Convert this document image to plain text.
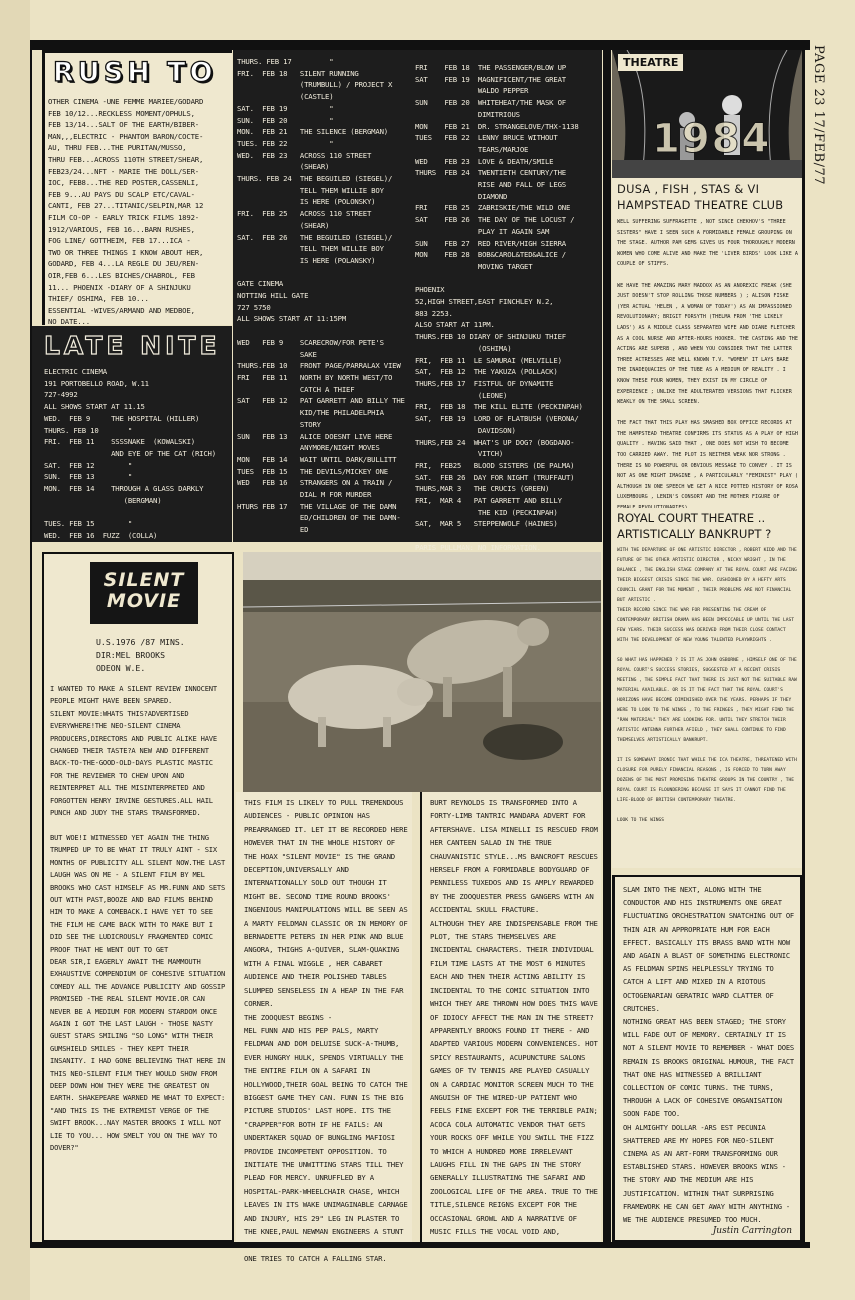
PAGE 23 17/FEB/77
RUSH TO
OTHER CINEMA -UNE FEMME MARIEE/GODARD
FEB 10/12...RECKLESS MOMENT/OPHULS,
FEB 13/14...SALT OF THE EARTH/BIBER-
MAN,,,ELECTRIC - PHANTOM BARON/COCTE-
AU, THRU FEB...THE PURITAN/MUSSO,
THRU FEB...ACROSS 110TH STREET/SHEAR,
FEB23/24...NFT - MARIE THE DOLL/SER-
IOC, FEB8...THE RED POSTER,CASSENLI,
FEB 9...AU PAYS DU SCALP ETC/CAVAL-
CANTI, FEB 27...TITANIC/SELPIN,MAR 12
FILM CO-OP - EARLY TRICK FILMS 1892-
1912/VARIOUS, FEB 16...BARN RUSHES,
FOG LINE/ GOTTHEIM, FEB 17...ICA -
TWO OR THREE THINGS I KNOW ABOUT HER,
GODARD, FEB 4...LA REGLE DU JEU/REN-
OIR,FEB 6...LES BICHES/CHABROL, FEB
11... PHOENIX -DIARY OF A SHINJUKU
THIEF/ OSHIMA, FEB 10...
ESSENTIAL -WIVES/ARMAND AND MEDBOE,
NO DATE...
LATE NITE
ELECTRIC CINEMA
191 PORTOBELLO ROAD, W.11
727-4992
ALL SHOWS START AT 11.15
WED.  FEB 9     THE HOSPITAL (HILLER)
THURS. FEB 10       "
FRI.  FEB 11    SSSSNAKE  (KOWALSKI)
AND EYE OF THE CAT (RICH)
SAT.  FEB 12        "
SUN.  FEB 13        "
MON.  FEB 14    THROUGH A GLASS DARKLY
(BERGMAN)

TUES. FEB 15        "
WED.  FEB 16  FUZZ  (COLLA)
THURS. FEB 17         "
FRI.  FEB 18   SILENT RUNNING
(TRUMBULL) / PROJECT X
(CASTLE)
SAT.  FEB 19          "
SUN.  FEB 20          "
MON.  FEB 21   THE SILENCE (BERGMAN)
TUES. FEB 22          "
WED.  FEB 23   ACROSS 110 STREET
(SHEAR)
THURS. FEB 24  THE BEGUILED (SIEGEL)/
TELL THEM WILLIE BOY
IS HERE (POLONSKY)
FRI.  FEB 25   ACROSS 110 STREET
(SHEAR)
SAT.  FEB 26   THE BEGUILED (SIEGEL)/
TELL THEM WILLIE BOY
IS HERE (POLANSKY)

GATE CINEMA
NOTTING HILL GATE
727 5750
ALL SHOWS START AT 11:15PM

WED   FEB 9    SCARECROW/FOR PETE'S
SAKE
THURS.FEB 10   FRONT PAGE/PARRALAX VIEW
FRI   FEB 11   NORTH BY NORTH WEST/TO
CATCH A THIEF
SAT   FEB 12   PAT GARRETT AND BILLY THE
KID/THE PHILADELPHIA
STORY
SUN   FEB 13   ALICE DOESNT LIVE HERE
ANYMORE/NIGHT MOVES
MON   FEB 14   WAIT UNTIL DARK/BULLITT
TUES  FEB 15   THE DEVILS/MICKEY ONE
WED   FEB 16   STRANGERS ON A TRAIN /
DIAL M FOR MURDER
HTURS FEB 17   THE VILLAGE OF THE DAMN
ED/CHILDREN OF THE DAMN-
ED
FRI    FEB 18  THE PASSENGER/BLOW UP
SAT    FEB 19  MAGNIFICENT/THE GREAT
WALDO PEPPER
SUN    FEB 20  WHITEHEAT/THE MASK OF
DIMITRIOUS
MON    FEB 21  DR. STRANGELOVE/THX-1138
TUES   FEB 22  LENNY BRUCE WITHOUT
TEARS/MARJOE
WED    FEB 23  LOVE & DEATH/SMILE
THURS  FEB 24  TWENTIETH CENTURY/THE
RISE AND FALL OF LEGS
DIAMOND
FRI    FEB 25  ZABRISKIE/THE WILD ONE
SAT    FEB 26  THE DAY OF THE LOCUST /
PLAY IT AGAIN SAM
SUN    FEB 27  RED RIVER/HIGH SIERRA
MON    FEB 28  BOB&CAROL&TED&ALICE /
MOVING TARGET

PHOENIX
52,HIGH STREET,EAST FINCHLEY N.2,
883 2253.
ALSO START AT 11PM.
THURS.FEB 10 DIARY OF SHINJUKU THIEF
(OSHIMA)
FRI,  FEB 11  LE SAMURAI (MELVILLE)
SAT,  FEB 12  THE YAKUZA (POLLACK)
THURS,FEB 17  FISTFUL OF DYNAMITE
(LEONE)
FRI,  FEB 18  THE KILL ELITE (PECKINPAH)
SAT,  FEB 19  LORD OF FLATBUSH (VERONA/
DAVIDSON)
THURS,FEB 24  WHAT'S UP DOG? (BOGDANO-
VITCH)
FRI,  FEB25   BLOOD SISTERS (DE PALMA)
SAT.  FEB 26  DAY FOR NIGHT (TRUFFAUT)
THURS,MAR 3   THE CRUCIS (GREEN)
FRI,  MAR 4   PAT GARRETT AND BILLY
THE KID (PECKINPAH)
SAT,  MAR 5   STEPPENWOLF (HAINES)

PARIS PULLMAN: NO INFORMATION.
THEATRE
1984
DUSA , FISH , STAS & VI
HAMPSTEAD THEATRE CLUB
WELL SUFFERING SUFFRAGETTE , NOT SINCE CHEKHOV'S "THREE SISTERS" HAVE I SEEN SUCH A FORMIDABLE FEMALE GROUPING ON THE STAGE. AUTHOR PAM GEMS GIVES US FOUR THOROUGHLY MODERN WOMEN WHO COME ALIVE AND MAKE THE 'LIVER BIRDS' LOOK LIKE A COUPLE OF STIFFS.

WE HAVE THE AMAZING MARY MADDOX AS AN ANOREXIC FREAK (SHE JUST DOESN'T STOP ROLLING THOSE NUMBERS ) ; ALISON FISKE (YER ACTUAL 'HELEN , A WOMAN OF TODAY') AS AN IMPASSIONED REVOLUTIONARY; BRIGIT FORSYTH (THELMA FROM 'THE LIKELY LADS') AS A MIDDLE CLASS SEPARATED WIFE AND DIANE FLETCHER AS A COOL NURSE AND AFTER-HOURS HOOKER. THE CASTING AND THE ACTING ARE SUPERB , AND WHEN YOU CONSIDER THAT THE LATTER THREE ACTRESSES ARE WELL KNOWN T.V. "WOMEN" IT LAYS BARE THE INADEQUACIES OF THE TUBE AS A MEDIUM OF REALITY . I KNOW THESE FOUR WOMEN, THEY EXIST IN MY CIRCLE OF EXPERIENCE ; UNLIKE THE ADULTERATED VERSIONS THAT FLICKER WEAKLY ON THE SMALL SCREEN.

THE FACT THAT THIS PLAY HAS SMASHED BOX OFFICE RECORDS AT THE HAMPSTEAD THEATRE CONFIRMS ITS STATUS AS A PLAY OF HIGH QUALITY . HAVING SAID THAT , ONE DOES NOT WISH TO BECOME TOO CARRIED AWAY. THE PLOT IS NEITHER WEAK NOR STRONG . THERE IS NO POWERFUL OR OBVIOUS MESSAGE TO CONVEY . IT IS NOT AS ONE MIGHT IMAGINE , A PARTICULARLY "FEMINIST" PLAY ( ALTHOUGH IN ONE SPEECH WE GET A NICE POTTED HISTORY OF ROSA LUXEMBOURG , LENIN'S CONSORT AND THE MOTHER FIGURE OF
ROYAL COURT THEATRE ..
ARTISTICALLY BANKRUPT ?
WITH THE DEPARTURE OF ONE ARTISTIC DIRECTOR , ROBERT KIDD AND THE FUTURE OF THE OTHER ARTISTIC DIRECTOR , NICKY WRIGHT , IN THE BALANCE , THE ENGLISH STAGE COMPANY AT THE ROYAL COURT ARE FACING THEIR BIGGEST CRISIS SINCE THE WAR. CUSHIONED BY A HEFTY ARTS COUNCIL GRANT FOR THE MOMENT , THEIR PROBLEMS ARE NOT FINANCIAL BUT ARTISTIC .
THEIR RECORD SINCE THE WAR FOR PRESENTING THE CREAM OF CONTEMPORARY BRITISH DRAMA HAS BEEN IMPECCABLE UP UNTIL THE LAST FEW YEARS. THEIR SUCCESS WAS DERIVED FROM THEIR CLOSE CONTACT WITH THE DEVELOPMENT OF NEW YOUNG TALENTED PLAYWRIGHTS .

SO WHAT HAS HAPPENED ? IS IT AS JOHN OSBORNE , HIMSELF ONE OF THE ROYAL COURT'S SUCCESS STORIES, SUGGESTED AT A RECENT CRISIS MEETING , THE SIMPLE FACT THAT THERE IS JUST NOT THE SUITABLE RAW MATERIAL AVAILABLE. OR IS IT THE FACT THAT THE ROYAL COURT'S HORIZONS HAVE BECOME DIMINISHED OVER THE YEARS. PERHAPS IF THEY WERE TO LOOK TO THE WINGS , TO THE FRINGES , THEY MIGHT FIND THE "RAW MATERIAL" THEY ARE LOOKING FOR. UNTIL THEY STRETCH THEIR ARTISTIC ANTENNA FURTHER AFIELD , THEY SHALL CONTINUE TO FIND THEMSELVES ARTISTICALLY BANKRUPT.

IT IS SOMEWHAT IRONIC THAT WHILE THE ICA THEATRE, THREATENED WITH CLOSURE FOR PURELY FINANCIAL REASONS , IS FORCED TO TURN AWAY DOZENS OF THE MOST PROMISING THEATRE GROUPS IN THE COUNTRY , THE ROYAL COURT IS FLOUNDERING BECAUSE IT SAYS IT CANNOT FIND THE LIFE-BLOOD OF BRITISH CONTEMPORARY THEATRE.

LOOK TO THE WINGS
SILENT
MOVIE
U.S.1976 /87 MINS.
DIR:MEL BROOKS
ODEON W.E.
I WANTED TO MAKE A SILENT REVIEW INNOCENT PEOPLE MIGHT HAVE BEEN SPARED.
SILENT MOVIE:WHATS THIS?ADVERTISED EVERYWHERE!THE NEO-SILENT CINEMA PRODUCERS,DIRECTORS AND PUBLIC ALIKE HAVE CHANGED THEIR TASTE?A NEW AND DIFFERENT BACK-TO-THE-GOOD-OLD-DAYS PLASTIC MASTIC FOR THE REVIEWER TO CHEW UPON AND REINTERPRET ALL THE MISINTERPRETED AND FORGOTTEN HENRY IRVINE GESTURES.ALL HAIL PUNCH AND JUDY THE STARS TRANSFORMED.

BUT WOE!I WITNESSED YET AGAIN THE THING TRUMPED UP TO BE WHAT IT TRULY AINT - SIX MONTHS OF PUBLICITY ALL SILENT NOW.THE LAST LAUGH WAS ON ME - A SILENT FILM BY MEL BROOKS WHO CAST HIMSELF AS MR.FUNN AND SETS OUT WITH PAST,BOOZE AND BAD FILMS BEHIND HIM TO MAKE A COMEBACK.I HAVE YET TO SEE THE FILM HE CAME BACK WITH TO MAKE BUT I DID SEE THE LUDICROUSLY FRAGMENTED COMIC PROOF THAT HE WENT OUT TO GET
DEAR SIR,I EAGERLY AWAIT THE MAMMOUTH EXHAUSTIVE COMPENDIUM OF COHESIVE SITUATION COMEDY ALL THE ADVANCE PUBLICITY AND GOSSIP PROMISED -THE REAL SILENT MOVIE.OR CAN NEVER BE A MEDIUM FOR MODERN STARDOM ONCE AGAIN I GOT THE LAST LAUGH - THOSE NASTY GUEST STARS SMILING "SO LONG" WITH THEIR GUMSHIELD SMILES - THEY KEPT THEIR INSANITY. I HAD GONE BELIEVING THAT HERE IN THIS NEO-SILENT FILM THEY WOULD SHOW FROM DEEP DOWN HOW THEY WERE THE GREATEST ON EARTH. SHAKEPEARE WARNED ME WHAT TO EXPECT:
"AND THIS IS THE EXTREMIST VERGE OF THE SWIFT BROOK...NAY MASTER BROOKS I WILL NOT LIE TO YOU... HOW SMELT YOU ON THE WAY TO DOVER?"
THIS FILM IS LIKELY TO PULL TREMENDOUS AUDIENCES - PUBLIC OPINION HAS PREARRANGED IT. LET IT BE RECORDED HERE HOWEVER THAT IN THE WHOLE HISTORY OF THE HOAX "SILENT MOVIE" IS THE GRAND DECEPTION,UNIVERSALLY AND INTERNATIONALLY SOLD OUT THOUGH IT MIGHT BE. SECOND TIME ROUND BROOKS' INGENIOUS MANIPULATIONS WILL BE SEEN AS A MARTY FELDMAN CLASSIC OR IN MEMORY OF BERNADETTE PETERS IN HER PINK AND BLUE ANGORA, THIGHS A-QUIVER, SLAM-QUAKING WITH A FINAL WIGGLE , HER CABARET AUDIENCE AND THEIR POLISHED TABLES SLUMPED SENSELESS IN A HEAP IN THE FAR CORNER.
THE ZOOQUEST BEGINS -
MEL FUNN AND HIS PEP PALS, MARTY FELDMAN AND DOM DELUISE SUCK-A-THUMB, EVER HUNGRY HULK, SPENDS VIRTUALLY THE THE ENTIRE FILM ON A SAFARI IN HOLLYWOOD,THEIR GOAL BEING TO CATCH THE BIGGEST GAME THEY CAN. FUNN IS THE BIG PICTURE STUDIOS' LAST HOPE. ITS THE "CRAPPER"FOR BOTH IF HE FAILS: AN UNDERTAKER SQUAD OF BUNGLING MAFIOSI PROVIDE INCOMPETENT OPPOSITION. TO INITIATE THE UNWITTING STARS TILL THEY PLEAD FOR MERCY. UNRUFFLED BY A HOSPITAL-PARK-WHEELCHAIR CHASE, WHICH LEAVES IN ITS WAKE UNIMAGINABLE CARNAGE AND INJURY, HIS 29" LEG IN PLASTER TO THE KNEE,PAUL NEWMAN ENGINEERS A STUNT ONE TRIES TO CATCH A FALLING STAR.
BURT REYNOLDS IS TRANSFORMED INTO A FORTY-LIMB TANTRIC MANDARA ADVERT FOR AFTERSHAVE. LISA MINELLI IS RESCUED FROM HER CANTEEN SALAD IN THE TRUE CHAUVANISTIC STYLE...MS BANCROFT RESCUES HERSELF FROM A FORMIDABLE BODYGUARD OF PENNILESS TUXEDOS AND IS AMPLY REWARDED BY THE ZOOQUESTER PRESS GANGERS WITH AN ACCIDENTAL SKULL FRACTURE.
ALTHOUGH THEY ARE INDISPENSABLE FROM THE PLOT, THE STARS THEMSELVES ARE INCIDENTAL CHARACTERS. THEIR INDIVIDUAL FILM TIME LASTS AT THE MOST 6 MINUTES EACH AND THEN THEIR ACTING ABILITY IS INCIDENTAL TO THE COMIC SITUATION INTO WHICH THEY ARE THROWN HOW DOES THIS WAVE OF IDIOCY AFFECT THE MAN IN THE STREET? APPARENTLY BROOKS FOUND IT THERE - AND ADAPTED VARIOUS MODERN CONVENIENCES. HOT SPICY RESTAURANTS, ACUPUNCTURE SALONS GAMES OF TV TENNIS ARE PLAYED CASUALLY ON A CARDIAC MONITOR SCREEN MUCH TO THE ANGUISH OF THE WIRED-UP PATIENT WHO FEELS FINE EXCEPT FOR THE TERRIBLE PAIN; ACOCA COLA AUTOMATIC VENDOR THAT GETS YOUR ROCKS OFF WHILE YOU SWILL THE FIZZ
TO WHICH A HUNDRED MORE IRRELEVANT LAUGHS FILL IN THE GAPS IN THE STORY GENERALLY ILLUSTRATING THE SAFARI AND ZOOLOGICAL LIFE OF THE AREA. TRUE TO THE TITLE,SILENCE REIGNS EXCEPT FOR THE OCCASIONAL GROWL AND A NARRATIVE OF MUSIC FILLS THE VOCAL VOID AND,
SLAM INTO THE NEXT, ALONG WITH THE CONDUCTOR AND HIS INSTRUMENTS ONE GREAT FLUCTUATING ORCHESTRATION SNATCHING OUT OF THIN AIR AN APPROPRIATE HUM FOR EACH EFFECT. BASICALLY ITS BRASS BAND WITH NOW AND AGAIN A BLAST OF SOMETHING ELECTRONIC AS FELDMAN SPINS HELPLESSLY TRYING TO CATCH A LIFT AND MIXED IN A RIOTOUS OCTOGENARIAN GERATRIC WARD CLATTER OF CRUTCHES.
NOTHING GREAT HAS BEEN STAGED; THE STORY WILL FADE OUT OF MEMORY. CERTAINLY IT IS NOT A SILENT MOVIE TO REMEMBER - WHAT DOES REMAIN IS BROOKS ORIGINAL HUMOUR, THE FACT THAT ONE HAS WITNESSED A BRILLIANT COLLECTION OF COMIC TURNS. THE TURNS, THROUGH A LACK OF COHESIVE ORGANISATION SOON FADE TOO.
OH ALMIGHTY DOLLAR -ARS EST PECUNIA SHATTERED ARE MY HOPES FOR NEO-SILENT CINEMA AS AN ART-FORM TRANSFORMING OUR ESTABLISHED STARS. HOWEVER BROOKS WINS - THE STORY AND THE MEDIUM ARE HIS JUSTIFICATION. WITHIN THAT SURPRISING FRAMEWORK HE CAN GET AWAY WITH ANYTHING - WE THE AUDIENCE PRESUMED TOO MUCH.
Justin Carrington
